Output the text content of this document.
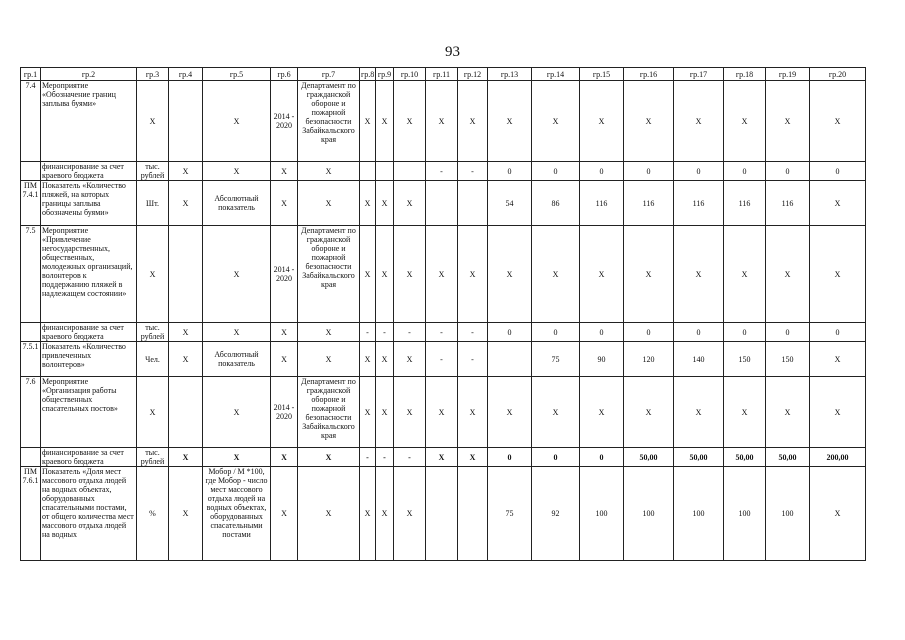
93
гр.1	гр.2	гр.3	гр.4	гр.5	гр.6	гр.7	гр.8	гр.9	гр.10	гр.11	гр.12	гр.13	гр.14	гр.15	гр.16	гр.17	гр.18	гр.19	гр.20
7.4	Мероприятие «Обозначение границ заплыва буями»	Х		Х	2014 - 2020	Департамент по гражданской обороне и пожарной безопасности Забайкальского края	Х	Х	Х	Х	Х	Х	Х	Х	Х	Х	Х	Х	Х
	финансирование за счет краевого бюджета	тыс. рублей	Х	Х	Х	Х				-	-	0	0	0	0	0	0	0	0
ПМ 7.4.1	Показатель «Количество пляжей, на которых границы заплыва обозначены буями»	Шт.	Х	Абсолютный показатель	Х	Х	Х	Х	Х			54	86	116	116	116	116	116	Х
7.5	Мероприятие «Привлечение негосударственных, общественных, молодежных организаций, волонтеров к поддержанию пляжей в надлежащем состоянии»	Х		Х	2014 - 2020	Департамент по гражданской обороне и пожарной безопасности Забайкальского края	Х	Х	Х	Х	Х	Х	Х	Х	Х	Х	Х	Х	Х
	финансирование за счет краевого бюджета	тыс. рублей	Х	Х	Х	Х	-	-	-	-	-	0	0	0	0	0	0	0	0
7.5.1	Показатель «Количество привлеченных волонтеров»	Чел.	Х	Абсолютный показатель	Х	Х	Х	Х	Х	-	-		75	90	120	140	150	150	Х
7.6	Мероприятие «Организация работы общественных спасательных постов»	Х		Х	2014 - 2020	Департамент по гражданской обороне и пожарной безопасности Забайкальского края	Х	Х	Х	Х	Х	Х	Х	Х	Х	Х	Х	Х	Х
	финансирование за счет краевого бюджета	тыс. рублей	Х	Х	Х	Х	-	-	-	Х	Х	0	0	0	50,00	50,00	50,00	50,00	200,00
ПМ 7.6.1	Показатель «Доля мест массового отдыха людей на водных объектах, оборудованных спасательными постами, от общего количества мест массового отдыха людей на водных	%	Х	Мобор / М *100, где Мобор - число мест массового отдыха людей на водных объектах, оборудованных спасательными постами	Х	Х	Х	Х	Х			75	92	100	100	100	100	100	Х
